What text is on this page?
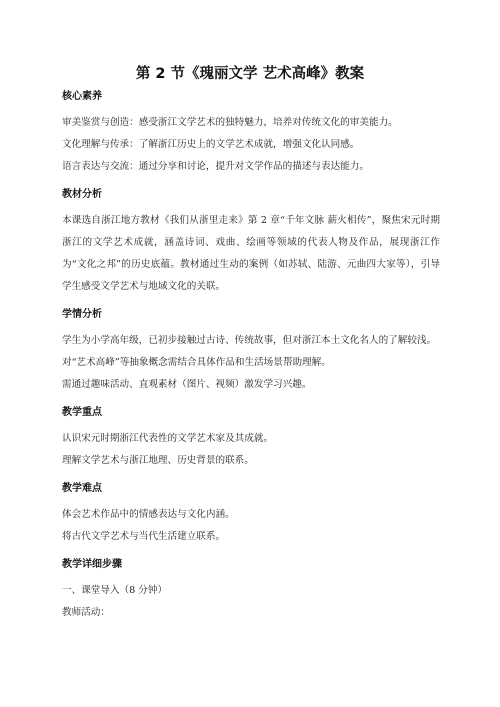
第 2 节《瑰丽文学 艺术高峰》教案
核心素养

审美鉴赏与创造：感受浙江文学艺术的独特魅力，培养对传统文化的审美能力。

文化理解与传承：了解浙江历史上的文学艺术成就，增强文化认同感。

语言表达与交流：通过分享和讨论，提升对文学作品的描述与表达能力。

教材分析

本课选自浙江地方教材《我们从浙里走来》第 2 章“千年文脉 薪火相传”，聚焦宋元时期浙江的文学艺术成就，涵盖诗词、戏曲、绘画等领域的代表人物及作品，展现浙江作为“文化之邦”的历史底蕴。教材通过生动的案例（如苏轼、陆游、元曲四大家等），引导学生感受文学艺术与地域文化的关联。

学情分析

学生为小学高年级，已初步接触过古诗、传统故事，但对浙江本土文化名人的了解较浅。

对“艺术高峰”等抽象概念需结合具体作品和生活场景帮助理解。

需通过趣味活动、直观素材（图片、视频）激发学习兴趣。

教学重点

认识宋元时期浙江代表性的文学艺术家及其成就。

理解文学艺术与浙江地理、历史背景的联系。

教学难点

体会艺术作品中的情感表达与文化内涵。

将古代文学艺术与当代生活建立联系。

教学详细步骤

一、课堂导入（8 分钟）

教师活动：
